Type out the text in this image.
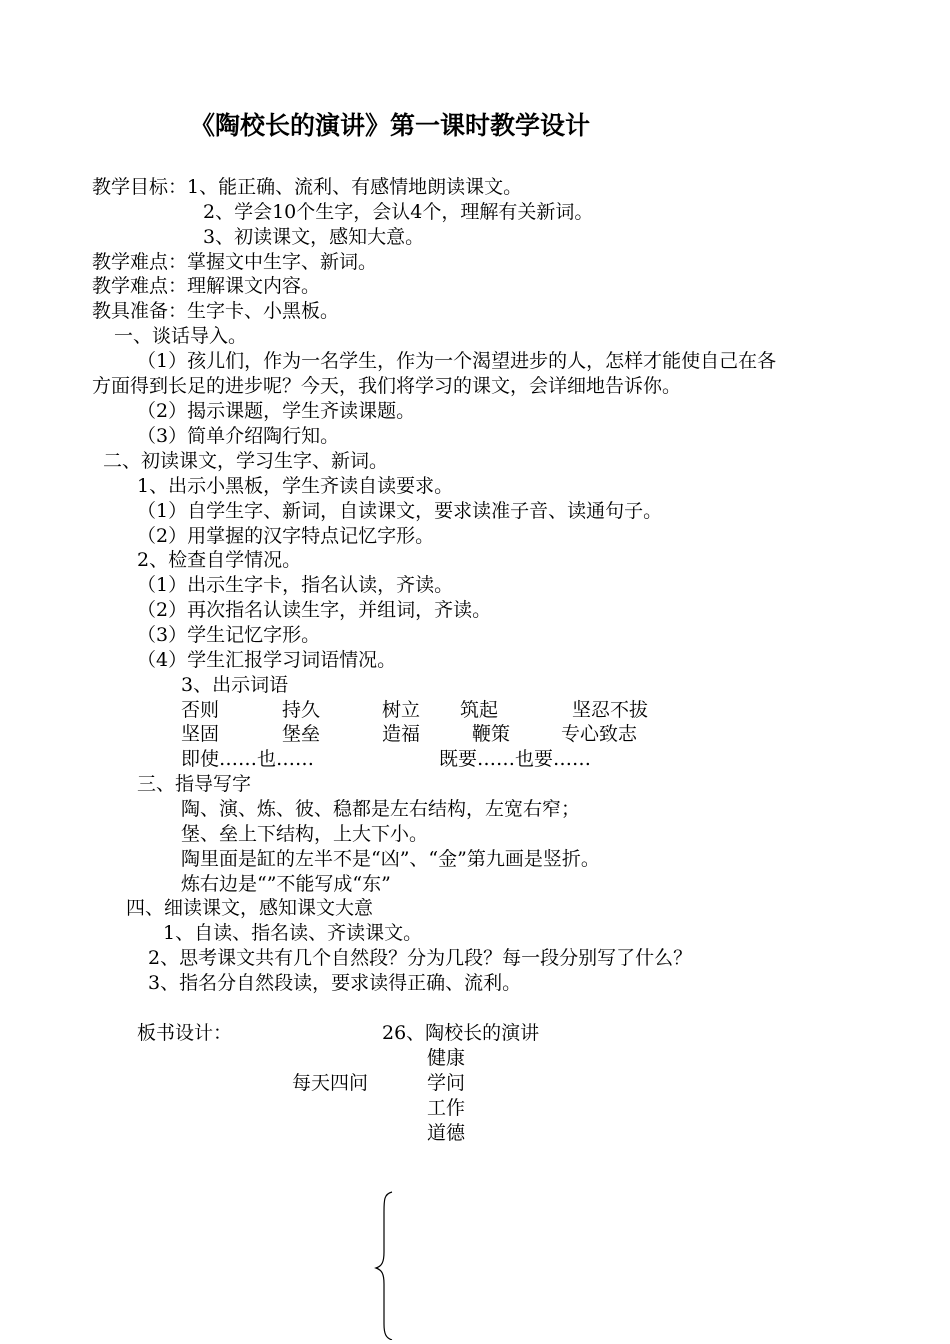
《陶校长的演讲》第一课时教学设计
教学目标：1、能正确、流利、有感情地朗读课文。
2、学会10个生字，会认4个，理解有关新词。
3、初读课文，感知大意。
教学难点：掌握文中生字、新词。
教学难点：理解课文内容。
教具准备：生字卡、小黑板。
一、谈话导入。
（1）孩儿们，作为一名学生，作为一个渴望进步的人，怎样才能使自己在各
方面得到长足的进步呢？今天，我们将学习的课文，会详细地告诉你。
（2）揭示课题，学生齐读课题。
（3）简单介绍陶行知。
二、初读课文，学习生字、新词。
1、出示小黑板，学生齐读自读要求。
（1）自学生字、新词，自读课文，要求读准子音、读通句子。
（2）用掌握的汉字特点记忆字形。
2、检查自学情况。
（1）出示生字卡，指名认读，齐读。
（2）再次指名认读生字，并组词，齐读。
（3）学生记忆字形。
（4）学生汇报学习词语情况。
3、出示词语
否则	持久	树立 筑起	坚忍不拔
坚固	堡垒	造福	鞭策	专心致志
即使……也……	既要……也要……
三、指导写字
陶、演、炼、彼、稳都是左右结构，左宽右窄；
堡、垒上下结构，上大下小。
陶里面是缸的左半不是“凶”、“金”第九画是竖折。
炼右边是“”不能写成“东”
四、细读课文，感知课文大意
1、自读、指名读、齐读课文。
2、思考课文共有几个自然段？分为几段？每一段分别写了什么？
3、指名分自然段读，要求读得正确、流利。
板书设计：	26、陶校长的演讲
健康
每天四问	学问
工作
道德
